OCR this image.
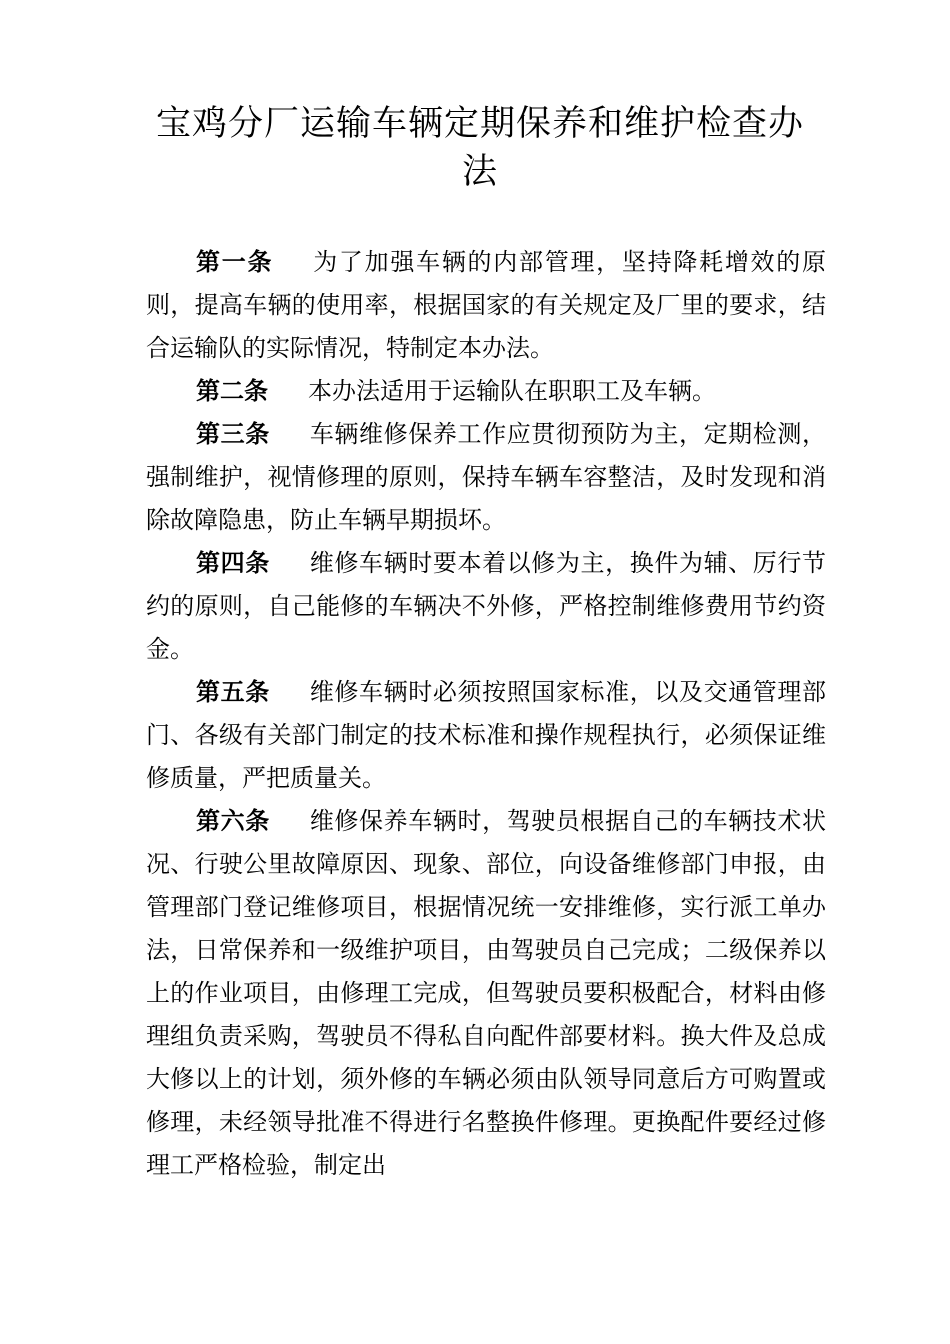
宝鸡分厂运输车辆定期保养和维护检查办
法

第一条 为了加强车辆的内部管理，坚持降耗增效的原则，提高车辆的使用率，根据国家的有关规定及厂里的要求，结合运输队的实际情况，特制定本办法。

第二条 本办法适用于运输队在职职工及车辆。

第三条 车辆维修保养工作应贯彻预防为主，定期检测，强制维护，视情修理的原则，保持车辆车容整洁，及时发现和消除故障隐患，防止车辆早期损坏。

第四条 维修车辆时要本着以修为主，换件为辅、厉行节约的原则，自己能修的车辆决不外修，严格控制维修费用节约资金。

第五条 维修车辆时必须按照国家标准，以及交通管理部门、各级有关部门制定的技术标准和操作规程执行，必须保证维修质量，严把质量关。

第六条 维修保养车辆时，驾驶员根据自己的车辆技术状况、行驶公里故障原因、现象、部位，向设备维修部门申报，由管理部门登记维修项目，根据情况统一安排维修，实行派工单办法，日常保养和一级维护项目，由驾驶员自己完成；二级保养以上的作业项目，由修理工完成，但驾驶员要积极配合，材料由修理组负责采购，驾驶员不得私自向配件部要材料。换大件及总成大修以上的计划，须外修的车辆必须由队领导同意后方可购置或修理，未经领导批准不得进行名整换件修理。更换配件要经过修理工严格检验，制定出
